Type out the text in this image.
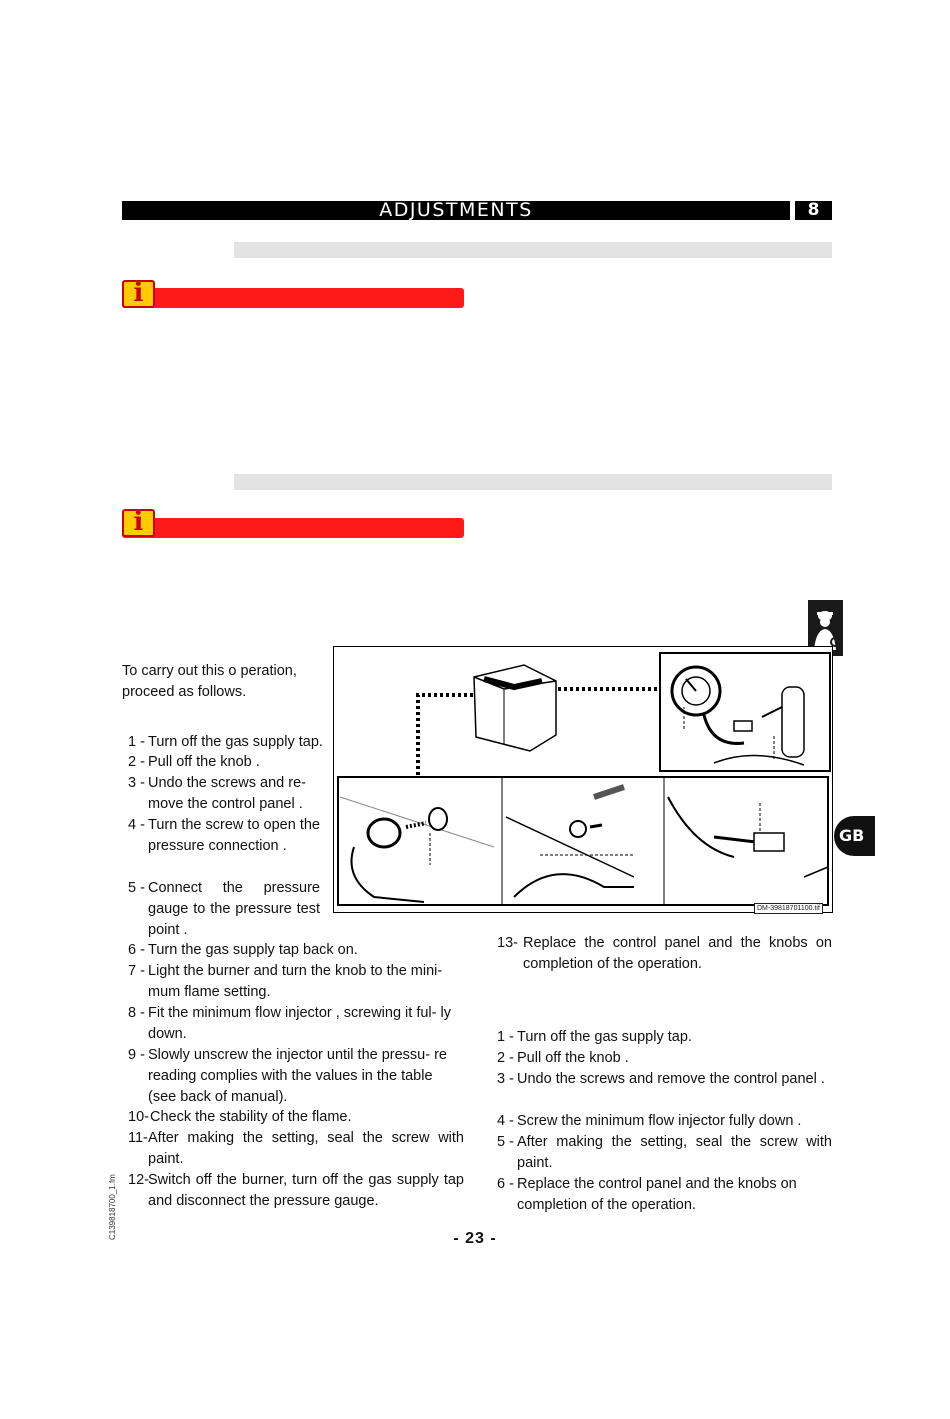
ADJUSTMENTS	8
i
i
GB
To carry out this o peration, proceed as follows.
1 - Turn off the gas supply tap.
2 - Pull off the knob .
3 - Undo the screws and re- move the control panel .
4 - Turn the screw to open the pressure connection .
5 - Connect the pressure gauge to the pressure test point .
6 - Turn the gas supply tap back on.
7 - Light the burner and turn the knob to the mini- mum flame setting.
8 - Fit the minimum flow injector , screwing it ful- ly down.
9 - Slowly unscrew the injector until the pressu- re reading complies with the values in the table (see back of manual).
10- Check the stability of the flame.
11- After making the setting, seal the screw with paint.
12- Switch off the burner, turn off the gas supply tap and disconnect the pressure gauge.
13- Replace the control panel and the knobs on completion of the operation.
1 - Turn off the gas supply tap.
2 - Pull off the knob .
3 - Undo the screws and remove the control panel .
4 - Screw the minimum flow injector fully down .
5 - After making the setting, seal the screw with paint.
6 - Replace the control panel and the knobs on completion of the operation.
DM-39818701100.tif
- 23 -
C139818700_1.fm
